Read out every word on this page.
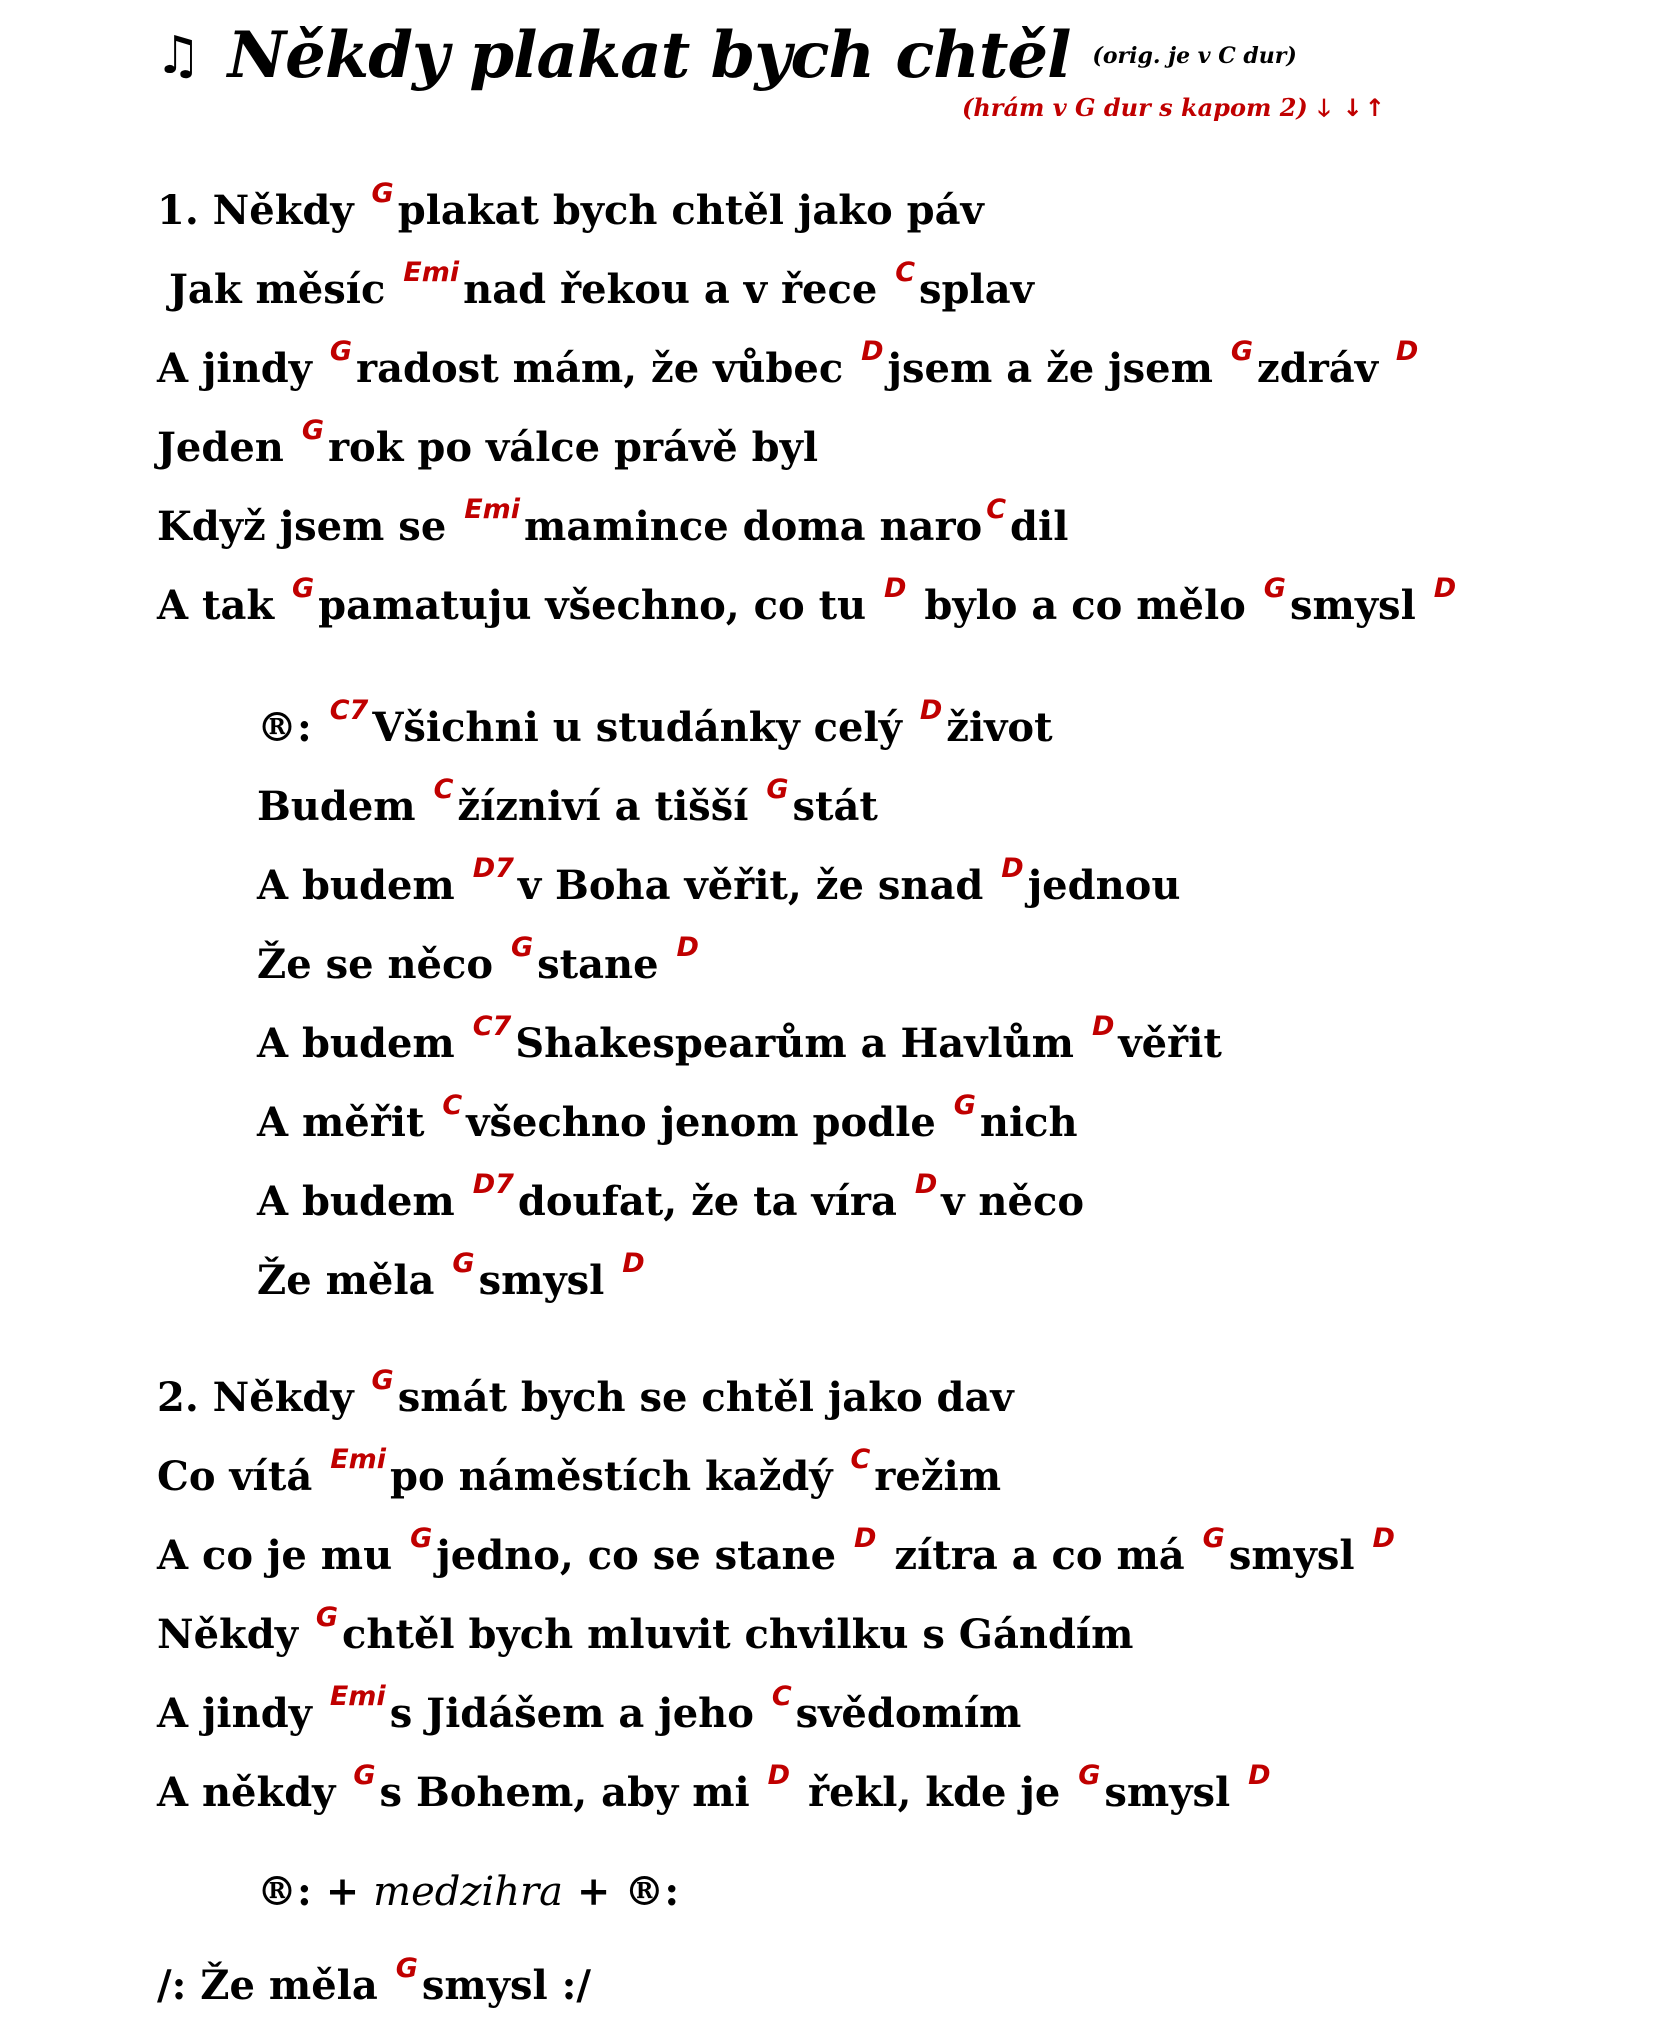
♫ Někdy plakat bych chtěl (orig. je v C dur)
(hrám v G dur s kapom 2) 🡓 ↓↑
1. Někdy $^G$ plakat bych chtěl jako páv
Jak měsíc $^{Emi}$ nad řekou a v řece $^C$ splav
A jindy $^G$ radost mám, že vůbec $^D$ jsem a že jsem $^G$ zdráv $^D$
Jeden $^G$ rok po válce právě byl
Když jsem se $^{Emi}$ mamince doma naro $^C$ dil
A tak $^G$ pamatuju všechno, co tu $^D$ bylo a co mělo $^G$ smysl $^D$
®: $^{C7}$ Všichni u studánky celý $^D$ život
Budem $^C$ žízniví a tišší $^G$ stát
A budem $^{D7}$ v Boha věřit, že snad $^D$ jednou
Že se něco $^G$ stane $^D$
A budem $^{C7}$ Shakespearům a Havlům $^D$ věřit
A měřit $^C$ všechno jenom podle $^G$ nich
A budem $^{D7}$ doufat, že ta víra $^D$ v něco
Že měla $^G$ smysl $^D$
2. Někdy $^G$ smát bych se chtěl jako dav
Co vítá $^{Emi}$ po náměstích každý $^C$ režim
A co je mu $^G$ jedno, co se stane $^D$ zítra a co má $^G$ smysl $^D$
Někdy $^G$ chtěl bych mluvit chvilku s Gándím
A jindy $^{Emi}$ s Jidášem a jeho $^C$ svědomím
A někdy $^G$ s Bohem, aby mi $^D$ řekl, kde je $^G$ smysl $^D$
®: + medzihra + ®:
/: Že měla $^G$ smysl :/
